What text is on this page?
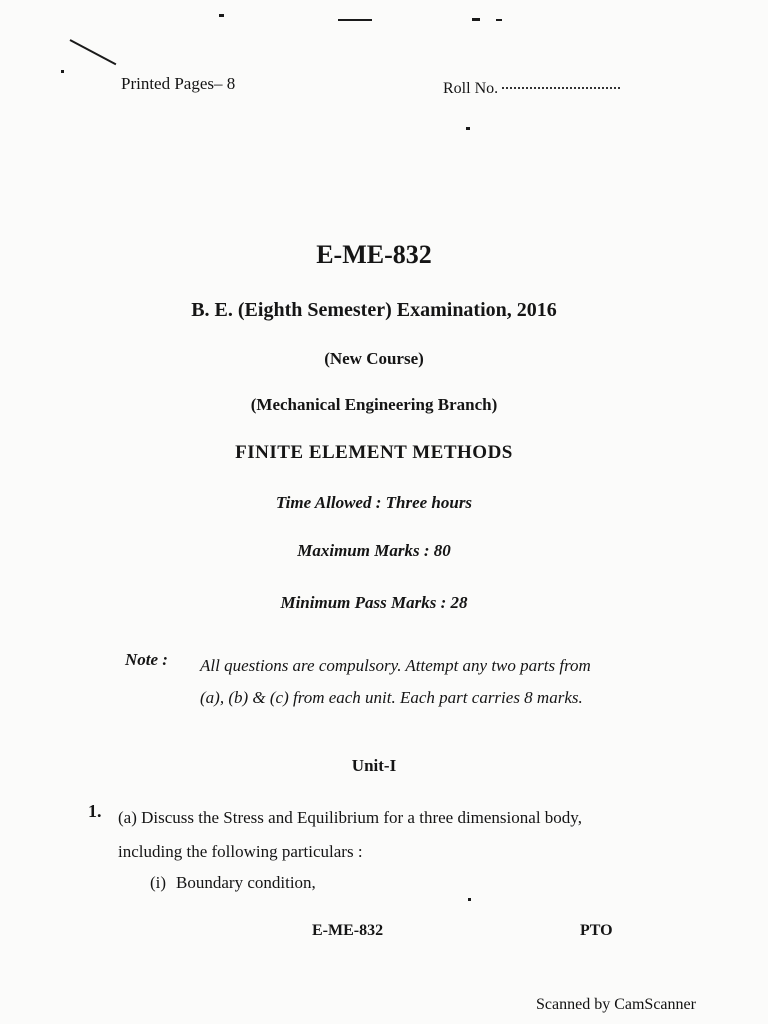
Printed Pages– 8	Roll No.
E-ME-832
B. E. (Eighth Semester) Examination, 2016
(New Course)
(Mechanical Engineering Branch)
FINITE ELEMENT METHODS
Time Allowed : Three hours
Maximum Marks : 80
Minimum Pass Marks : 28
Note : All questions are compulsory. Attempt any two parts from (a), (b) & (c) from each unit. Each part carries 8 marks.
Unit-I
1. (a) Discuss the Stress and Equilibrium for a three dimensional body, including the following particulars :
(i) Boundary condition,
E-ME-832	PTO
Scanned by CamScanner
